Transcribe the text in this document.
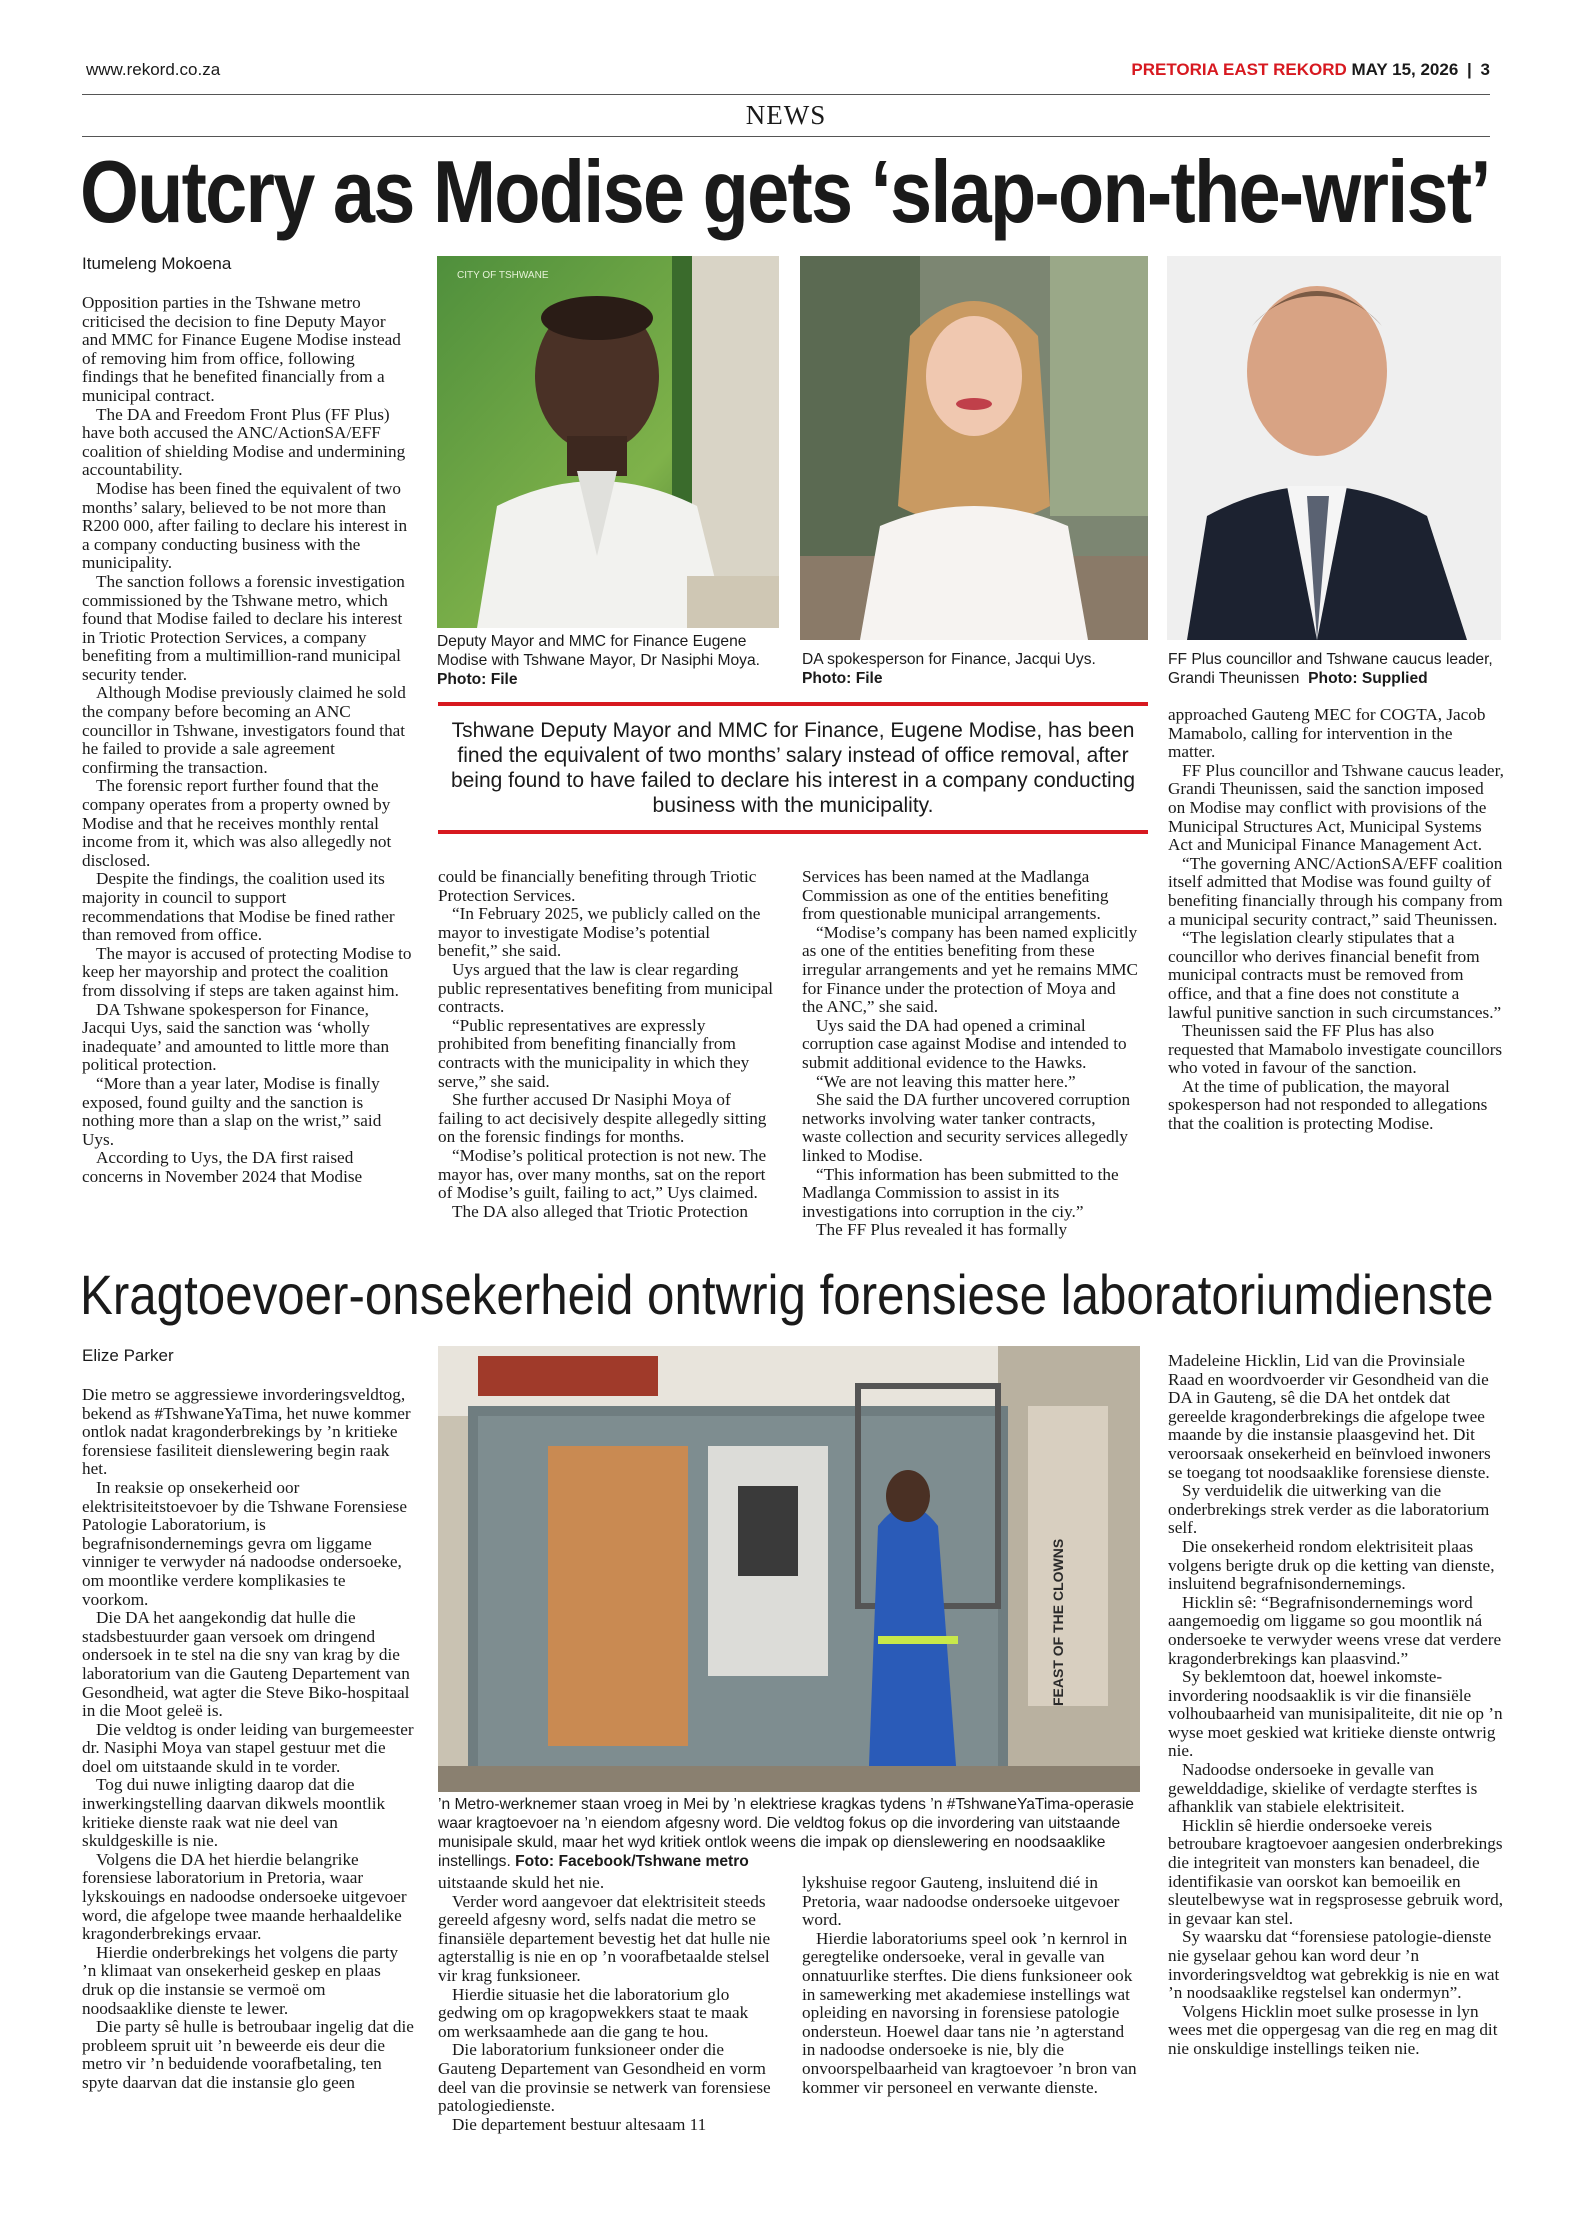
www.rekord.co.za	PRETORIA EAST REKORD MAY 15, 2026 | 3
NEWS
Outcry as Modise gets ‘slap-on-the-wrist’
Itumeleng Mokoena

Opposition parties in the Tshwane metro criticised the decision to fine Deputy Mayor and MMC for Finance Eugene Modise instead of removing him from office, following findings that he benefited financially from a municipal contract.

The DA and Freedom Front Plus (FF Plus) have both accused the ANC/ActionSA/EFF coalition of shielding Modise and undermining accountability.

Modise has been fined the equivalent of two months’ salary, believed to be not more than R200 000, after failing to declare his interest in a company conducting business with the municipality.

The sanction follows a forensic investigation commissioned by the Tshwane metro, which found that Modise failed to declare his interest in Triotic Protection Services, a company benefiting from a multimillion-rand municipal security tender.

Although Modise previously claimed he sold the company before becoming an ANC councillor in Tshwane, investigators found that he failed to provide a sale agreement confirming the transaction.

The forensic report further found that the company operates from a property owned by Modise and that he receives monthly rental income from it, which was also allegedly not disclosed.

Despite the findings, the coalition used its majority in council to support recommendations that Modise be fined rather than removed from office.

The mayor is accused of protecting Modise to keep her mayorship and protect the coalition from dissolving if steps are taken against him.

DA Tshwane spokesperson for Finance, Jacqui Uys, said the sanction was ‘wholly inadequate’ and amounted to little more than political protection.

“More than a year later, Modise is finally exposed, found guilty and the sanction is nothing more than a slap on the wrist,” said Uys.

According to Uys, the DA first raised concerns in November 2024 that Modise

CITY OF TSHWANE
Deputy Mayor and MMC for Finance Eugene Modise with Tshwane Mayor, Dr Nasiphi Moya. Photo: File
DA spokesperson for Finance, Jacqui Uys. Photo: File
FF Plus councillor and Tshwane caucus leader, Grandi Theunissen Photo: Supplied
Tshwane Deputy Mayor and MMC for Finance, Eugene Modise, has been fined the equivalent of two months’ salary instead of office removal, after being found to have failed to declare his interest in a company conducting business with the municipality.

could be financially benefiting through Triotic Protection Services.

“In February 2025, we publicly called on the mayor to investigate Modise’s potential benefit,” she said.

Uys argued that the law is clear regarding public representatives benefiting from municipal contracts.

“Public representatives are expressly prohibited from benefiting financially from contracts with the municipality in which they serve,” she said.

She further accused Dr Nasiphi Moya of failing to act decisively despite allegedly sitting on the forensic findings for months.

“Modise’s political protection is not new. The mayor has, over many months, sat on the report of Modise’s guilt, failing to act,” Uys claimed.

The DA also alleged that Triotic Protection

Services has been named at the Madlanga Commission as one of the entities benefiting from questionable municipal arrangements.

“Modise’s company has been named explicitly as one of the entities benefiting from these irregular arrangements and yet he remains MMC for Finance under the protection of Moya and the ANC,” she said.

Uys said the DA had opened a criminal corruption case against Modise and intended to submit additional evidence to the Hawks.

“We are not leaving this matter here.”

She said the DA further uncovered corruption networks involving water tanker contracts, waste collection and security services allegedly linked to Modise.

“This information has been submitted to the Madlanga Commission to assist in its investigations into corruption in the ciy.”

The FF Plus revealed it has formally

approached Gauteng MEC for COGTA, Jacob Mamabolo, calling for intervention in the matter.

FF Plus councillor and Tshwane caucus leader, Grandi Theunissen, said the sanction imposed on Modise may conflict with provisions of the Municipal Structures Act, Municipal Systems Act and Municipal Finance Management Act.

“The governing ANC/ActionSA/EFF coalition itself admitted that Modise was found guilty of benefiting financially through his company from a municipal security contract,” said Theunissen.

“The legislation clearly stipulates that a councillor who derives financial benefit from municipal contracts must be removed from office, and that a fine does not constitute a lawful punitive sanction in such circumstances.”

Theunissen said the FF Plus has also requested that Mamabolo investigate councillors who voted in favour of the sanction.

At the time of publication, the mayoral spokesperson had not responded to allegations that the coalition is protecting Modise.

Kragtoevoer-onsekerheid ontwrig forensiese laboratoriumdienste
Elize Parker

Die metro se aggressiewe invorderingsveldtog, bekend as #TshwaneYaTima, het nuwe kommer ontlok nadat kragonderbrekings by ’n kritieke forensiese fasiliteit dienslewering begin raak het.

In reaksie op onsekerheid oor elektrisiteitstoevoer by die Tshwane Forensiese Patologie Laboratorium, is begrafnisondernemings gevra om liggame vinniger te verwyder ná nadoodse ondersoeke, om moontlike verdere komplikasies te voorkom.

Die DA het aangekondig dat hulle die stadsbestuurder gaan versoek om dringend ondersoek in te stel na die sny van krag by die laboratorium van die Gauteng Departement van Gesondheid, wat agter die Steve Biko-hospitaal in die Moot geleë is.

Die veldtog is onder leiding van burgemeester dr. Nasiphi Moya van stapel gestuur met die doel om uitstaande skuld in te vorder.

Tog dui nuwe inligting daarop dat die inwerkingstelling daarvan dikwels moontlik kritieke dienste raak wat nie deel van skuldgeskille is nie.

Volgens die DA het hierdie belangrike forensiese laboratorium in Pretoria, waar lykskouings en nadoodse ondersoeke uitgevoer word, die afgelope twee maande herhaaldelike kragonderbrekings ervaar.

Hierdie onderbrekings het volgens die party ’n klimaat van onsekerheid geskep en plaas druk op die instansie se vermoë om noodsaaklike dienste te lewer.

Die party sê hulle is betroubaar ingelig dat die probleem spruit uit ’n beweerde eis deur die metro vir ’n beduidende voorafbetaling, ten spyte daarvan dat die instansie glo geen

FEAST OF THE CLOWNS
’n Metro-werknemer staan vroeg in Mei by ’n elektriese kragkas tydens ’n #TshwaneYaTima-operasie waar kragtoevoer na ’n eiendom afgesny word. Die veldtog fokus op die invordering van uitstaande munisipale skuld, maar het wyd kritiek ontlok weens die impak op dienslewering en noodsaaklike instellings. Foto: Facebook/Tshwane metro

uitstaande skuld het nie.

Verder word aangevoer dat elektrisiteit steeds gereeld afgesny word, selfs nadat die metro se finansiële departement bevestig het dat hulle nie agterstallig is nie en op ’n voorafbetaalde stelsel vir krag funksioneer.

Hierdie situasie het die laboratorium glo gedwing om op kragopwekkers staat te maak om werksaamhede aan die gang te hou.

Die laboratorium funksioneer onder die Gauteng Departement van Gesondheid en vorm deel van die provinsie se netwerk van forensiese patologiedienste.

Die departement bestuur altesaam 11

lykshuise regoor Gauteng, insluitend dié in Pretoria, waar nadoodse ondersoeke uitgevoer word.

Hierdie laboratoriums speel ook ’n kernrol in geregtelike ondersoeke, veral in gevalle van onnatuurlike sterftes. Die diens funksioneer ook in samewerking met akademiese instellings wat opleiding en navorsing in forensiese patologie ondersteun. Hoewel daar tans nie ’n agterstand in nadoodse ondersoeke is nie, bly die onvoorspelbaarheid van kragtoevoer ’n bron van kommer vir personeel en verwante dienste.

Madeleine Hicklin, Lid van die Provinsiale Raad en woordvoerder vir Gesondheid van die DA in Gauteng, sê die DA het ontdek dat gereelde kragonderbrekings die afgelope twee maande by die instansie plaasgevind het. Dit veroorsaak onsekerheid en beïnvloed inwoners se toegang tot noodsaaklike forensiese dienste.

Sy verduidelik die uitwerking van die onderbrekings strek verder as die laboratorium self.

Die onsekerheid rondom elektrisiteit plaas volgens berigte druk op die ketting van dienste, insluitend begrafnisondernemings.

Hicklin sê: “Begrafnisondernemings word aangemoedig om liggame so gou moontlik ná ondersoeke te verwyder weens vrese dat verdere kragonderbrekings kan plaasvind.”

Sy beklemtoon dat, hoewel inkomste-invordering noodsaaklik is vir die finansiële volhoubaarheid van munisipaliteite, dit nie op ’n wyse moet geskied wat kritieke dienste ontwrig nie.

Nadoodse ondersoeke in gevalle van gewelddadige, skielike of verdagte sterftes is afhanklik van stabiele elektrisiteit.

Hicklin sê hierdie ondersoeke vereis betroubare kragtoevoer aangesien onderbrekings die integriteit van monsters kan benadeel, die identifikasie van oorskot kan bemoeilik en sleutelbewyse wat in regsprosesse gebruik word, in gevaar kan stel.

Sy waarsku dat “forensiese patologie-dienste nie gyselaar gehou kan word deur ’n invorderingsveldtog wat gebrekkig is nie en wat ’n noodsaaklike regstelsel kan ondermyn”.

Volgens Hicklin moet sulke prosesse in lyn wees met die oppergesag van die reg en mag dit nie onskuldige instellings teiken nie.
